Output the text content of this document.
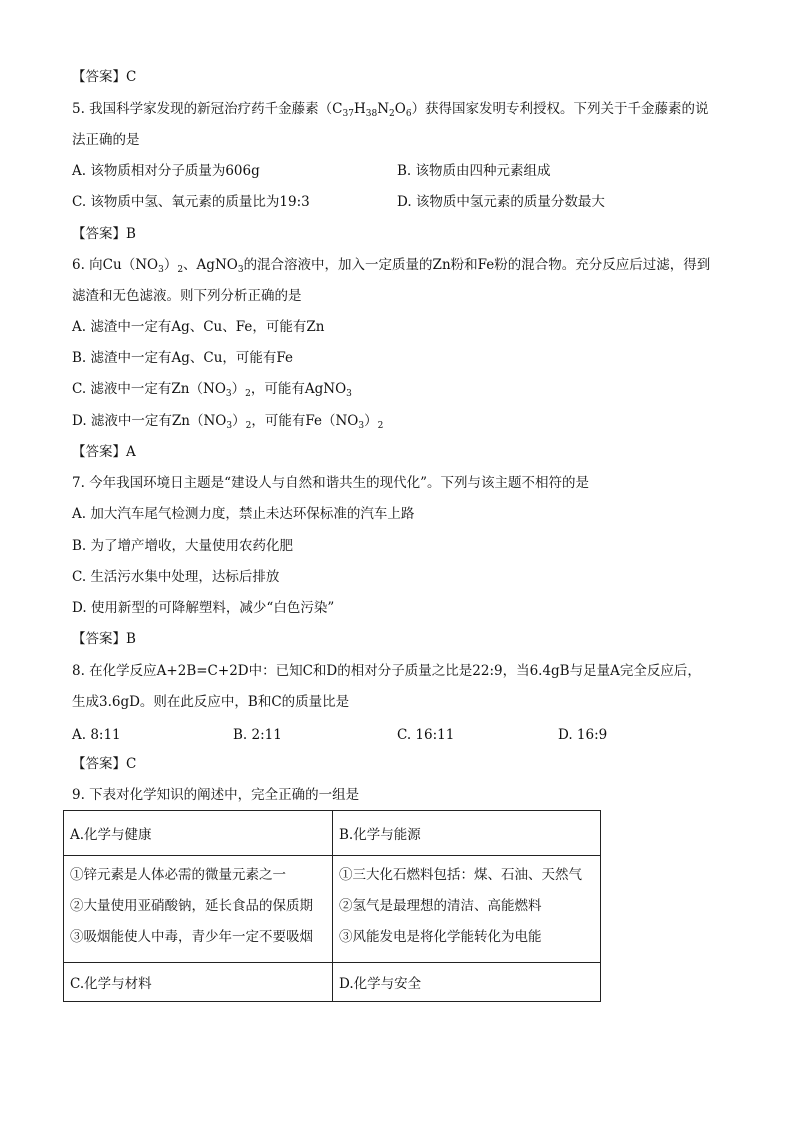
【答案】C
5. 我国科学家发现的新冠治疗药千金藤素$(C_{37}H_{38}N_2O_6)$获得国家发明专利授权。下列关于千金藤素的说
法正确的是
A. 该物质相对分子质量为606g	B. 该物质由四种元素组成
C. 该物质中氢、氧元素的质量比为19:3	D. 该物质中氢元素的质量分数最大
【答案】B
6. 向$Cu(NO_3)_2$、AgNO$_3$的混合溶液中，加入一定质量的Zn粉和Fe粉的混合物。充分反应后过滤，得到
滤渣和无色滤液。则下列分析正确的是
A. 滤渣中一定有Ag、Cu、Fe，可能有Zn
B. 滤渣中一定有Ag、Cu，可能有Fe
C. 滤液中一定有$Zn(NO_3)_2$，可能有AgNO$_3$
D. 滤液中一定有$Zn(NO_3)_2$，可能有$Fe(NO_3)_2$
【答案】A
7. 今年我国环境日主题是“建设人与自然和谐共生的现代化”。下列与该主题不相符的是
A. 加大汽车尾气检测力度，禁止未达环保标准的汽车上路
B. 为了增产增收，大量使用农药化肥
C. 生活污水集中处理，达标后排放
D. 使用新型的可降解塑料，减少“白色污染”
【答案】B
8. 在化学反应A+2B=C+2D中：已知C和D的相对分子质量之比是22:9，当6.4gB与足量A完全反应后，
生成3.6gD。则在此反应中，B和C的质量比是
A. 8:11	B. 2:11	C. 16:11	D. 16:9
【答案】C
9. 下表对化学知识的阐述中，完全正确的一组是
A.化学与健康	B.化学与能源

①锌元素是人体必需的微量元素之一
②大量使用亚硝酸钠，延长食品的保质期
③吸烟能使人中毒，青少年一定不要吸烟	①三大化石燃料包括：煤、石油、天然气
②氢气是最理想的清洁、高能燃料
③风能发电是将化学能转化为电能

C.化学与材料	D.化学与安全
